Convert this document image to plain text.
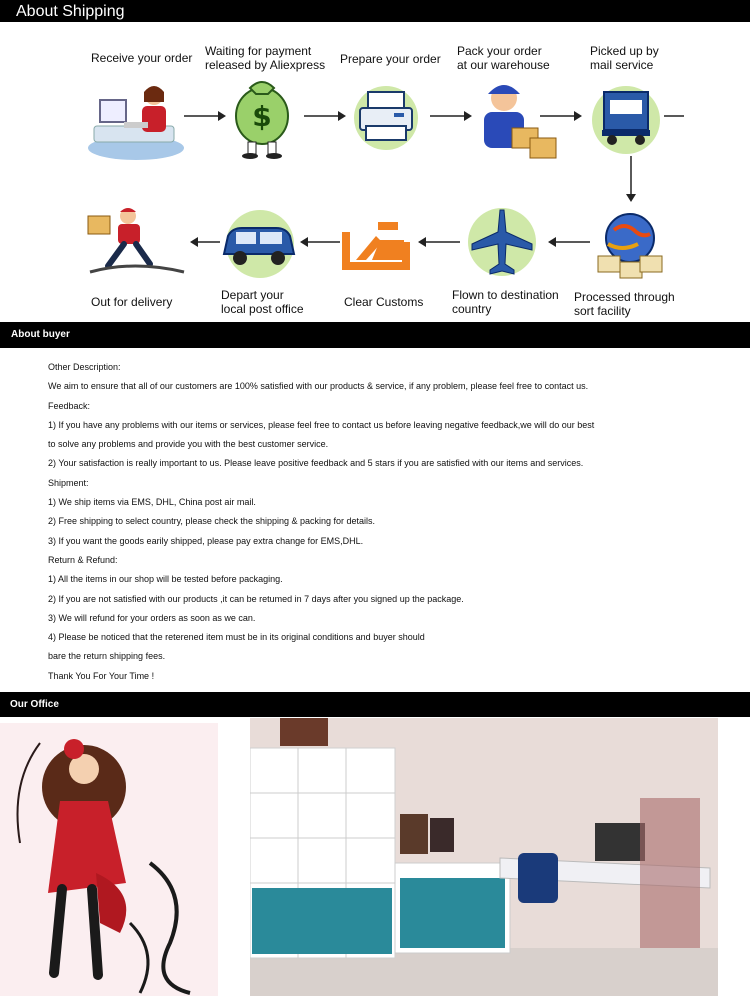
About Shipping
Receive your order Waiting for payment
released by Aliexpress Prepare your order
Pack your order
at our warehouse
Picked up by
mail service
$
Processed through
sort facility
Flown to destination
country
Clear Customs
Depart your
local post office
Out for delivery
About buyer

Other Description:

We aim to ensure that all of our customers are 100% satisfied with our products & service, if any problem, please feel free to contact us.

Feedback:

1) If you have any problems with our items or services, please feel free to contact us before leaving negative feedback,we will do our best

to solve any problems and provide you with the best customer service.

2) Your satisfaction is really important to us. Please leave positive feedback and 5 stars if you are satisfied with our items and services.

Shipment:

1) We ship items via EMS, DHL, China post air mail.

2) Free shipping to select country, please check the shipping & packing for details.

3) If you want the goods earily shipped, please pay extra change for EMS,DHL.

Return & Refund:

1) All the items in our shop will be tested before packaging.

2) If you are not satisfied with our products ,it can be retumed in 7 days after you signed up the package.

3) We will refund for your orders as soon as we can.

4) Please be noticed that the reterened item must be in its original conditions and buyer should

bare the return shipping fees.

Thank You For Your Time !

Our Office
